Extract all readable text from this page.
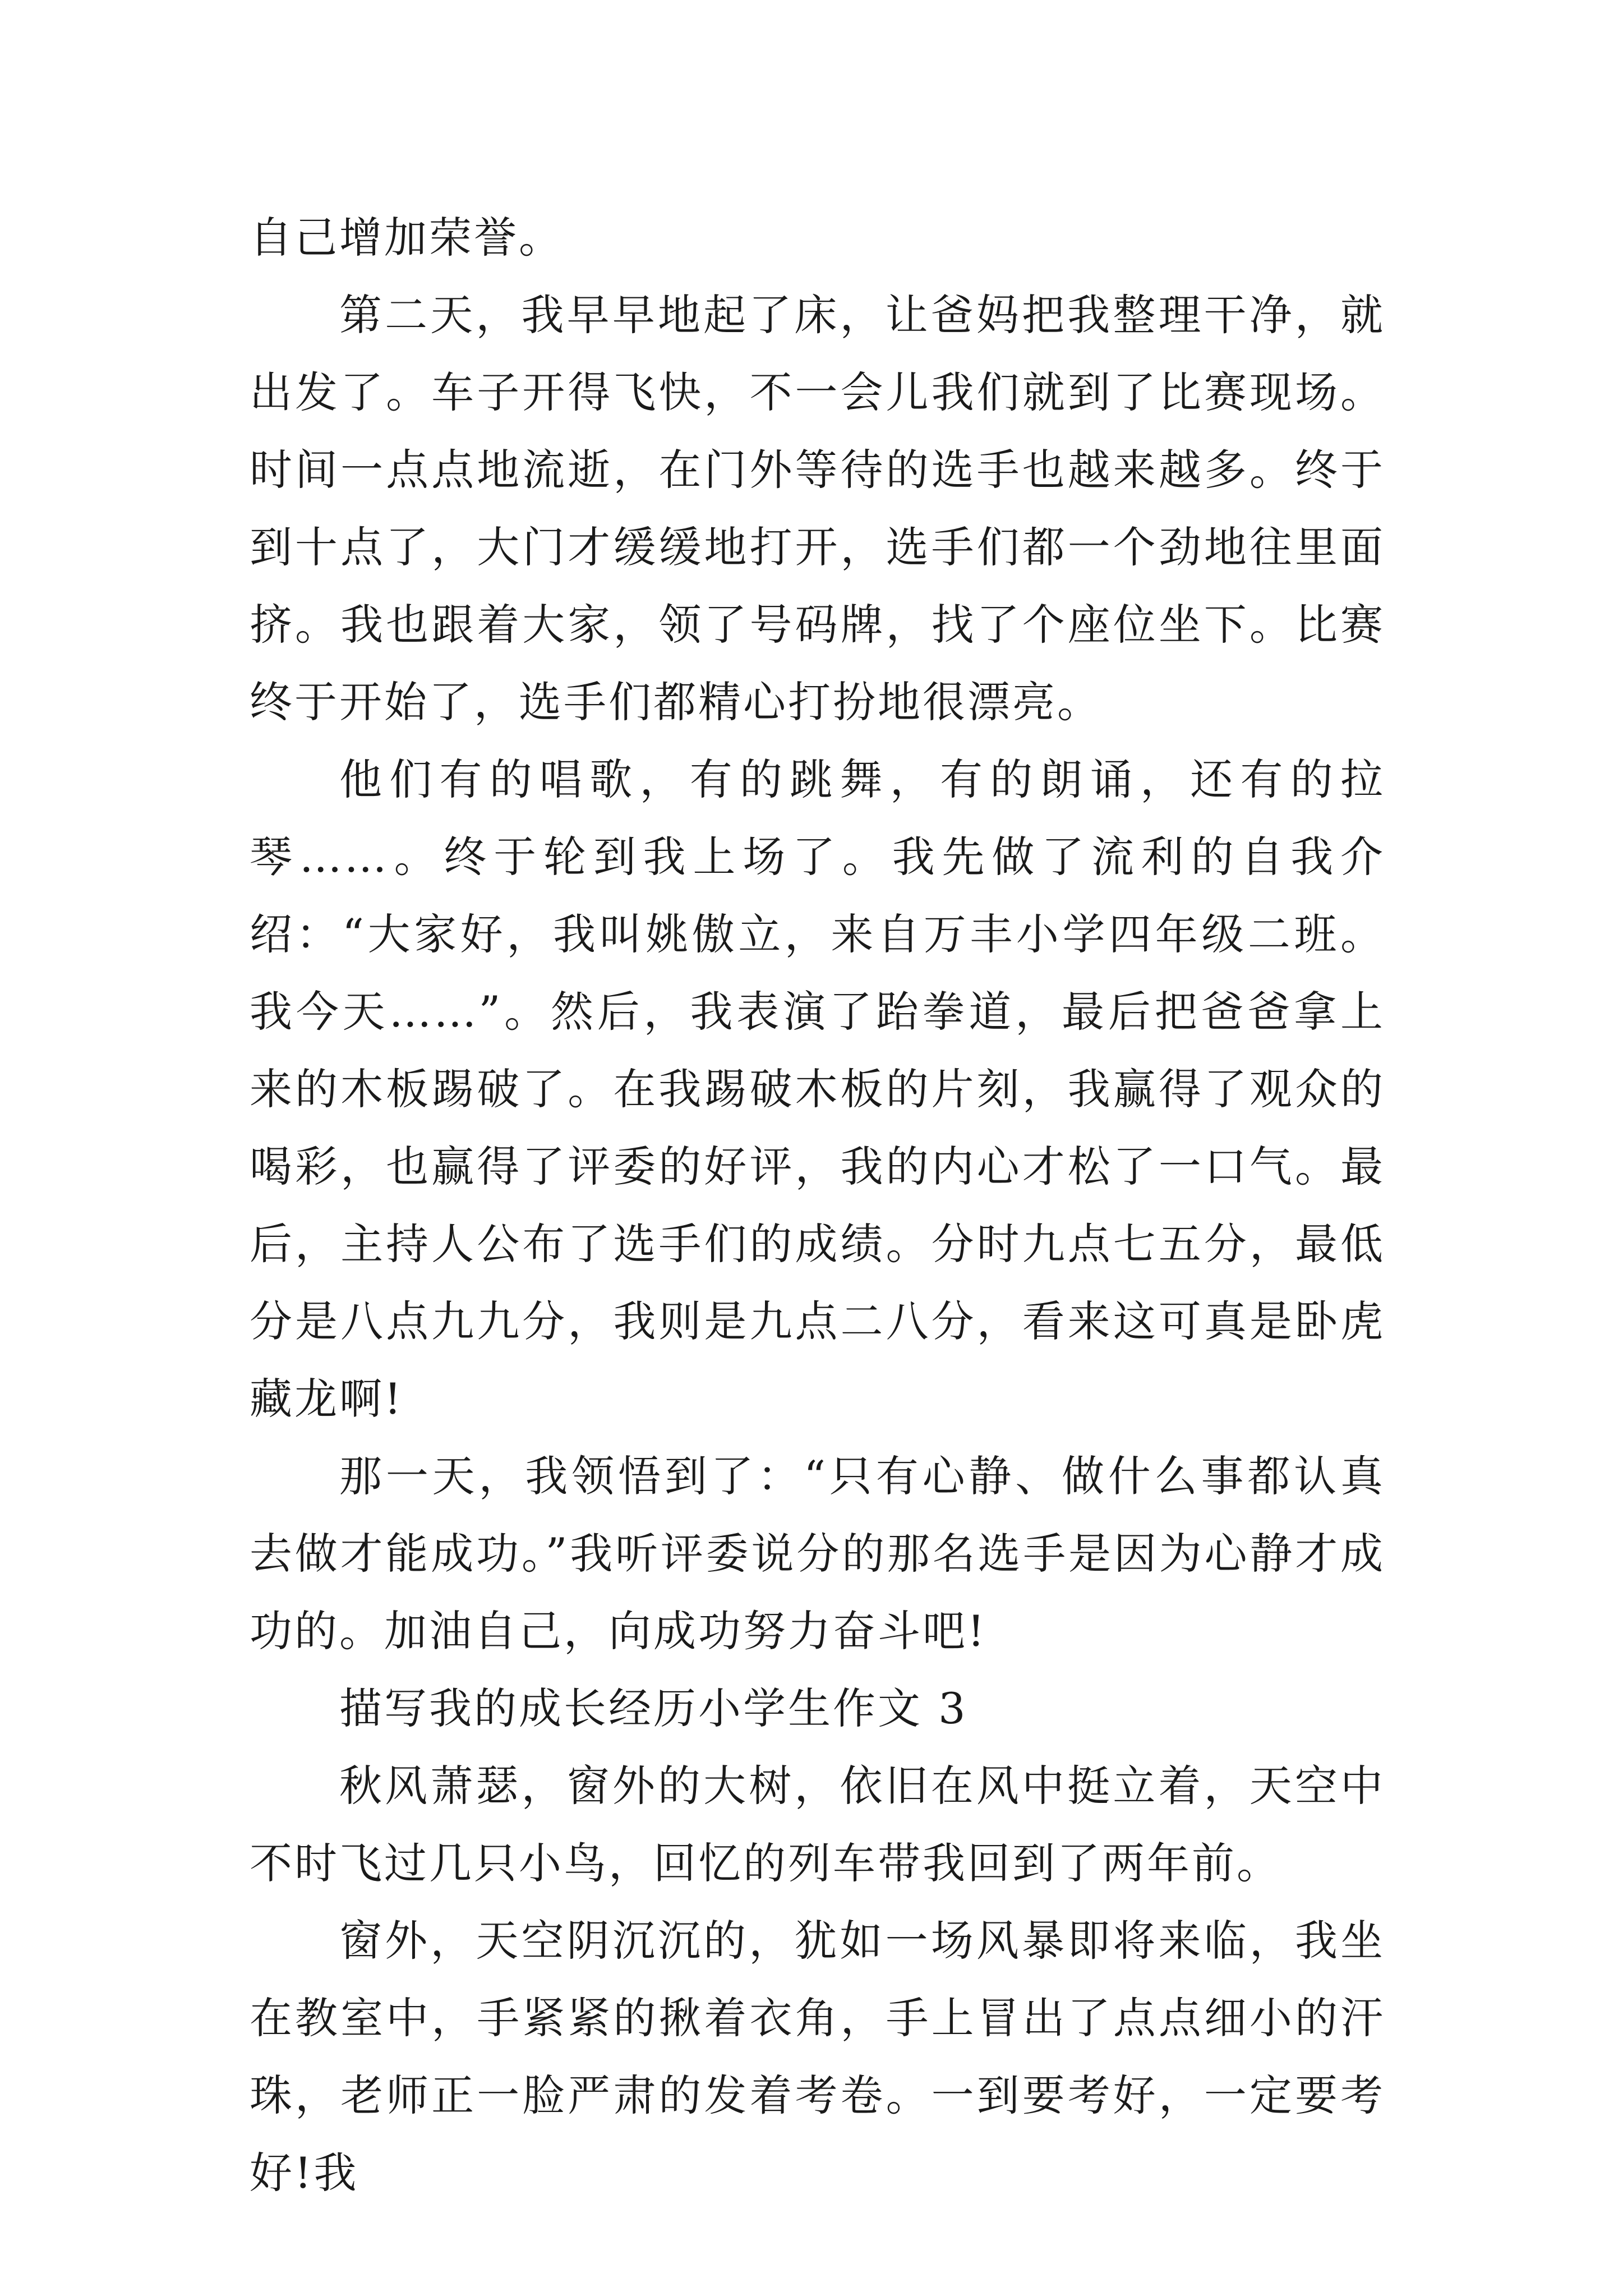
自己增加荣誉。

第二天，我早早地起了床，让爸妈把我整理干净，就出发了。车子开得飞快，不一会儿我们就到了比赛现场。时间一点点地流逝，在门外等待的选手也越来越多。终于到十点了，大门才缓缓地打开，选手们都一个劲地往里面挤。我也跟着大家，领了号码牌，找了个座位坐下。比赛终于开始了，选手们都精心打扮地很漂亮。

他们有的唱歌，有的跳舞，有的朗诵，还有的拉琴……。终于轮到我上场了。我先做了流利的自我介绍：“大家好，我叫姚傲立，来自万丰小学四年级二班。我今天……”。然后，我表演了跆拳道，最后把爸爸拿上来的木板踢破了。在我踢破木板的片刻，我赢得了观众的喝彩，也赢得了评委的好评，我的内心才松了一口气。最后，主持人公布了选手们的成绩。分时九点七五分，最低分是八点九九分，我则是九点二八分，看来这可真是卧虎藏龙啊!

那一天，我领悟到了：“只有心静、做什么事都认真去做才能成功。”我听评委说分的那名选手是因为心静才成功的。加油自己，向成功努力奋斗吧!

描写我的成长经历小学生作文 3

秋风萧瑟，窗外的大树，依旧在风中挺立着，天空中不时飞过几只小鸟，回忆的列车带我回到了两年前。

窗外，天空阴沉沉的，犹如一场风暴即将来临，我坐在教室中，手紧紧的揪着衣角，手上冒出了点点细小的汗珠，老师正一脸严肃的发着考卷。一到要考好，一定要考好!我
